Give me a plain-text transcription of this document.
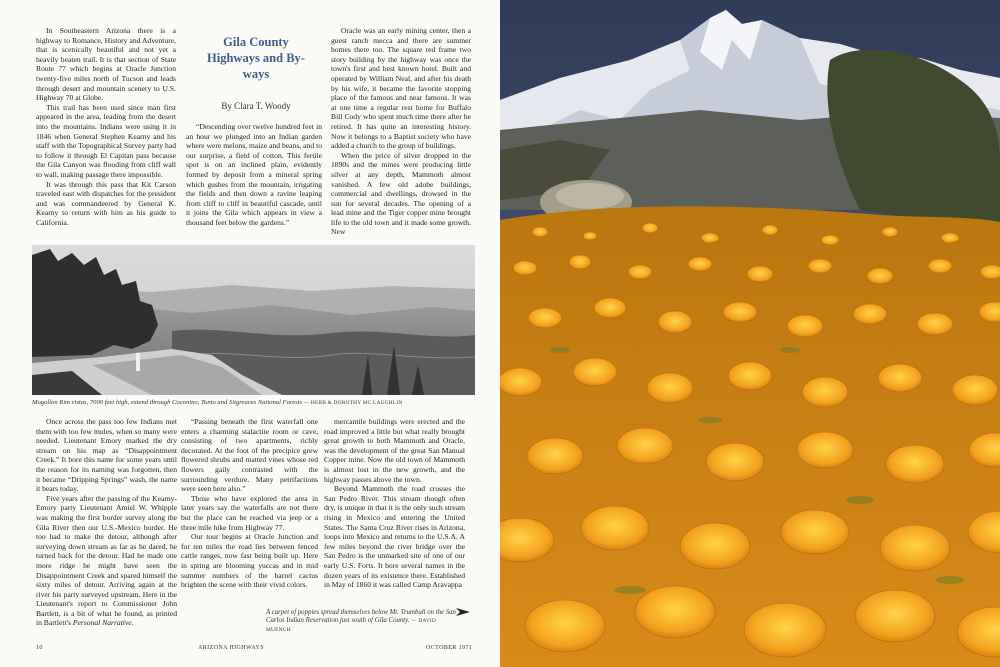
In Southeastern Arizona there is a highway to Romance, History and Adventure, that is scenically beautiful and not yet a heavily beaten trail. It is that section of State Route 77 which begins at Oracle Junction twenty-five miles north of Tucson and leads through desert and mountain scenery to U.S. Highway 70 at Globe.

This trail has been used since man first appeared in the area, leading from the desert into the mountains. Indians were using it in 1846 when General Stephen Kearny and his staff with the Topographical Survey party had to follow it through El Capitan pass because the Gila Canyon was flooding from cliff wall to wall, making passage there impossible.

It was through this pass that Kit Carson traveled east with dispatches for the president and was commandeered by General K. Kearny to return with him as his guide to California.

Gila County Highways and By-ways
By Clara T. Woody

“Descending over twelve hundred feet in an hour we plunged into an Indian garden where were melons, maize and beans, and to our surprise, a field of cotton. This fertile spot is on an inclined plain, evidently formed by deposit from a mineral spring which gushes from the mountain, irrigating the fields and then down a ravine leaping from cliff to cliff in beautiful cascade, until it joins the Gila which appears in view a thousand feet below the gardens.”

Oracle was an early mining center, then a guest ranch mecca and there are summer homes there too. The square red frame two story building by the highway was once the town's first and best known hotel. Built and operated by William Neal, and after his death by his wife, it became the favorite stopping place of the famous and near famous. It was at one time a regular rest home for Buffalo Bill Cody who spent much time there after he retired. It has quite an interesting history. Now it belongs to a Baptist society who have added a church to the group of buildings.

When the price of silver dropped in the 1890s and the mines were producing little silver at any depth, Mammoth almost vanished. A few old adobe buildings, commercial and dwellings, drowsed in the sun for several decades. The opening of a lead mine and the Tiger copper mine brought life to the old town and it made some growth. New

Mogollon Rim vistas, 7000 feet high, extend through Coconino, Tonto and Sitgreaves National Forests — HERB & DOROTHY MC LAUGHLIN

Once across the pass too few Indians met them with too few mules, when so many were needed. Lieutenant Emory marked the dry stream on his map as “Disappointment Creek.” It bore this name for some years until the reason for its naming was forgotten, then it became “Dripping Springs” wash, the name it bears today.

Five years after the passing of the Kearny-Emory party Lieutenant Amiel W. Whipple was making the first border survey along the Gila River then our U.S.-Mexico border. He too had to make the detour, although after surveying down stream as far as he dared, he turned back for the detour. Had he made one more ridge he might have seen the Disappointment Creek and spared himself the sixty miles of detour. Arriving again at the river his party surveyed upstream. Here in the Lieutenant's report to Commissioner John Bartlett, is a bit of what he found, as printed in Bartlett's Personal Narrative.

“Passing beneath the first waterfall one enters a charming stalactite room or cave, consisting of two apartments, richly decorated. At the foot of the precipice grew flowered shrubs and matted vines whose red flowers gaily contrasted with the surrounding verdure. Many petrifactions were seen here also.”

Those who have explored the area in later years say the waterfalls are not there but the place can be reached via jeep or a three mile hike from Highway 77.

Our tour begins at Oracle Junction and for ten miles the road lies between fenced cattle ranges, now fast being built up. Here in spring are blooming yuccas and in mid summer numbers of the barrel cactus brighten the scene with their vivid colors.

mercantile buildings were erected and the road improved a little but what really brought great growth to both Mammoth and Oracle, was the development of the great San Manual Copper mine. Now the old town of Mammoth is almost lost in the new growth, and the highway passes above the town.

Beyond Mammoth the road crosses the San Pedro River. This stream though often dry, is unique in that it is the only such stream rising in Mexico and entering the United States. The Santa Cruz River rises in Arizona, loops into Mexico and returns to the U.S.A. A few miles beyond the river bridge over the San Pedro is the unmarked site of one of our early U.S. Forts. It bore several names in the dozen years of its existence there. Established in May of 1860 it was called Camp Aravappa

A carpet of poppies spread themselves below Mt. Trumbull on the San Carlos Indian Reservation just south of Gila County. — DAVID MUENCH
10	ARIZONA HIGHWAYS	OCTOBER 1971
